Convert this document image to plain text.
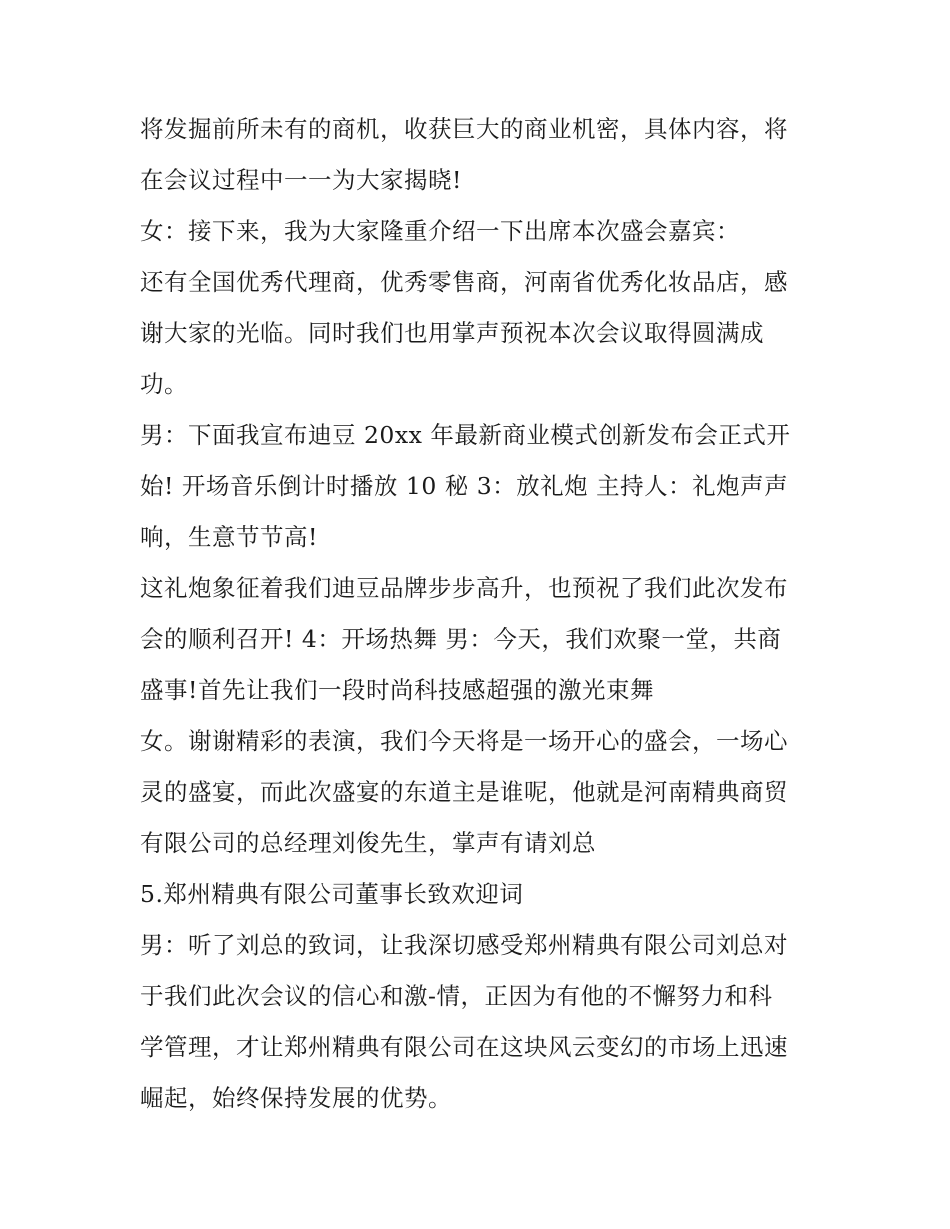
将发掘前所未有的商机，收获巨大的商业机密，具体内容，将
在会议过程中一一为大家揭晓!
女：接下来，我为大家隆重介绍一下出席本次盛会嘉宾：
还有全国优秀代理商，优秀零售商，河南省优秀化妆品店，感
谢大家的光临。同时我们也用掌声预祝本次会议取得圆满成
功。
男：下面我宣布迪豆 20xx 年最新商业模式创新发布会正式开
始! 开场音乐倒计时播放 10 秘 3：放礼炮 主持人：礼炮声声
响，生意节节高!
这礼炮象征着我们迪豆品牌步步高升，也预祝了我们此次发布
会的顺利召开! 4：开场热舞 男：今天，我们欢聚一堂，共商
盛事!首先让我们一段时尚科技感超强的激光束舞
女。谢谢精彩的表演，我们今天将是一场开心的盛会，一场心
灵的盛宴，而此次盛宴的东道主是谁呢，他就是河南精典商贸
有限公司的总经理刘俊先生，掌声有请刘总
5.郑州精典有限公司董事长致欢迎词
男：听了刘总的致词，让我深切感受郑州精典有限公司刘总对
于我们此次会议的信心和激-情，正因为有他的不懈努力和科
学管理，才让郑州精典有限公司在这块风云变幻的市场上迅速
崛起，始终保持发展的优势。
